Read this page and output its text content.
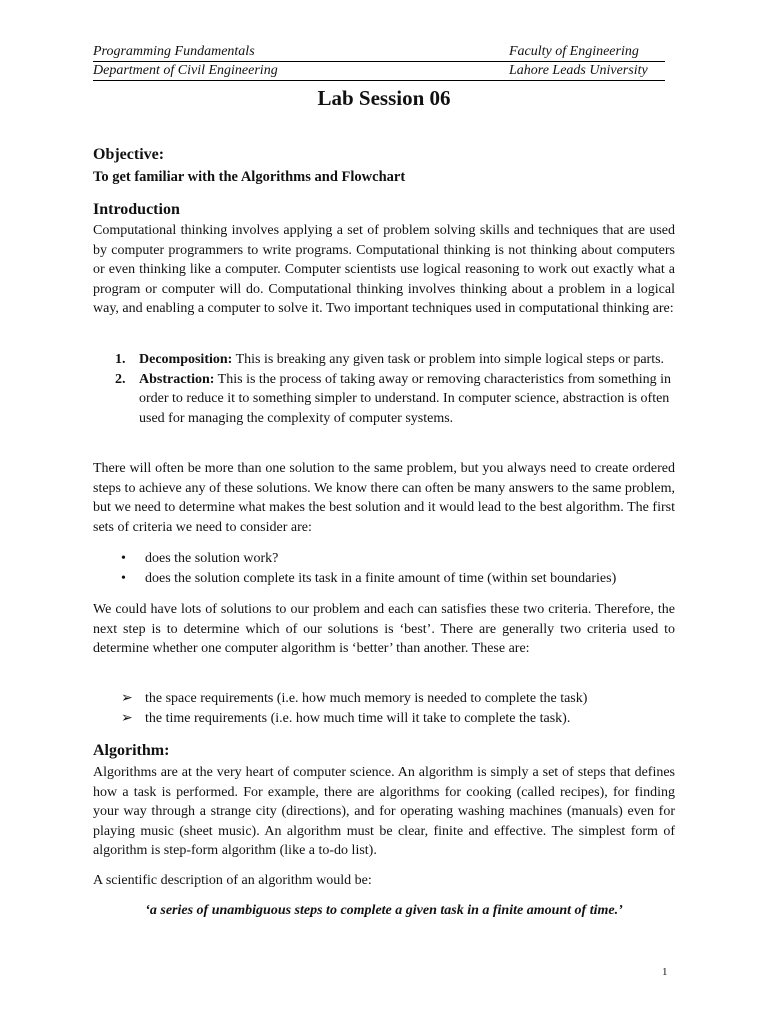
Programming Fundamentals	Faculty of Engineering
Department of Civil Engineering	Lahore Leads University
Lab Session 06
Objective:
To get familiar with the Algorithms and Flowchart
Introduction

Computational thinking involves applying a set of problem solving skills and techniques that are used by computer programmers to write programs. Computational thinking is not thinking about computers or even thinking like a computer. Computer scientists use logical reasoning to work out exactly what a program or computer will do. Computational thinking involves thinking about a problem in a logical way, and enabling a computer to solve it. Two important techniques used in computational thinking are:

1. Decomposition: This is breaking any given task or problem into simple logical steps or parts.
2. Abstraction: This is the process of taking away or removing characteristics from something in order to reduce it to something simpler to understand. In computer science, abstraction is often used for managing the complexity of computer systems.

There will often be more than one solution to the same problem, but you always need to create ordered steps to achieve any of these solutions. We know there can often be many answers to the same problem, but we need to determine what makes the best solution and it would lead to the best algorithm. The first sets of criteria we need to consider are:

• does the solution work?
• does the solution complete its task in a finite amount of time (within set boundaries)

We could have lots of solutions to our problem and each can satisfies these two criteria. Therefore, the next step is to determine which of our solutions is ‘best’. There are generally two criteria used to determine whether one computer algorithm is ‘better’ than another. These are:

➢ the space requirements (i.e. how much memory is needed to complete the task)
➢ the time requirements (i.e. how much time will it take to complete the task).
Algorithm:

Algorithms are at the very heart of computer science. An algorithm is simply a set of steps that defines how a task is performed. For example, there are algorithms for cooking (called recipes), for finding your way through a strange city (directions), and for operating washing machines (manuals) even for playing music (sheet music). An algorithm must be clear, finite and effective. The simplest form of algorithm is step-form algorithm (like a to-do list).

A scientific description of an algorithm would be:

‘a series of unambiguous steps to complete a given task in a finite amount of time.’
1
